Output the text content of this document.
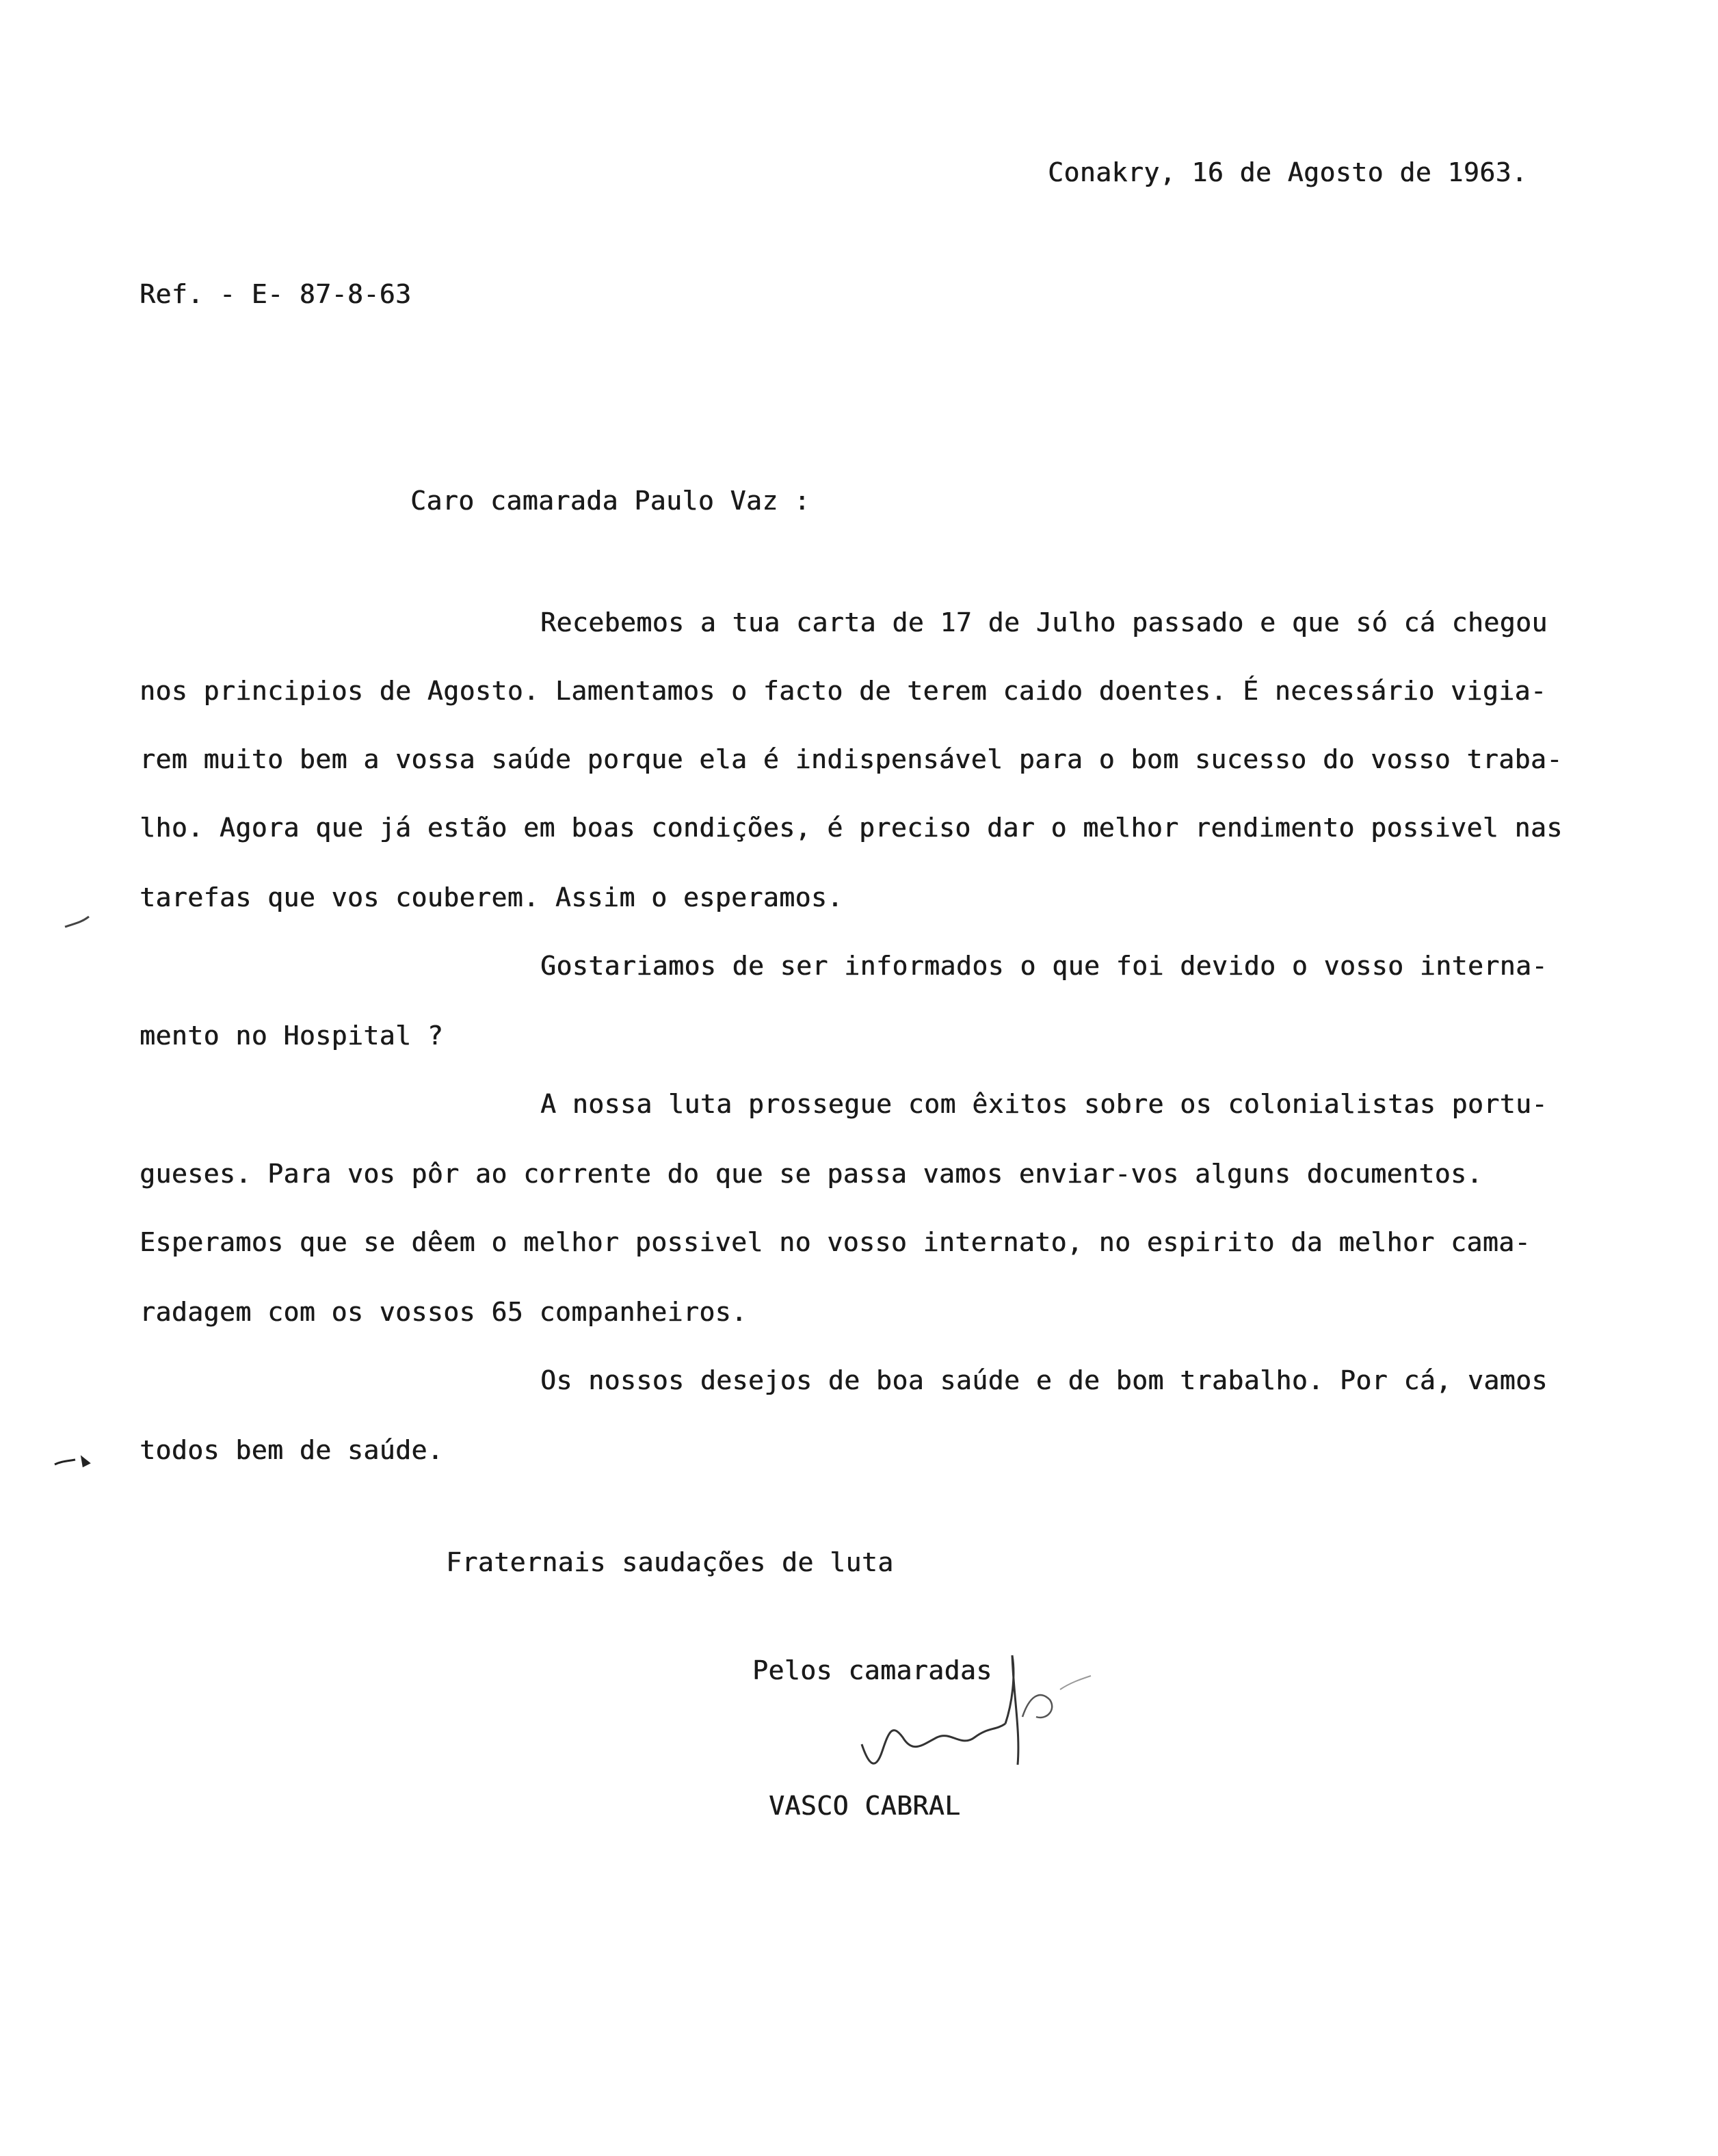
Conakry, 16 de Agosto de 1963.
Ref. - E- 87-8-63
Caro camarada Paulo Vaz :
Recebemos a tua carta de 17 de Julho passado e que só cá chegou
nos principios de Agosto. Lamentamos o facto de terem caido doentes. É necessário vigia-
rem muito bem a vossa saúde porque ela é indispensável para o bom sucesso do vosso traba-
lho. Agora que já estão em boas condições, é preciso dar o melhor rendimento possivel nas
tarefas que vos couberem. Assim o esperamos.
Gostariamos de ser informados o que foi devido o vosso interna-
mento no Hospital ?
A nossa luta prossegue com êxitos sobre os colonialistas portu-
gueses. Para vos pôr ao corrente do que se passa vamos enviar-vos alguns documentos.
Esperamos que se dêem o melhor possivel no vosso internato, no espirito da melhor cama-
radagem com os vossos 65 companheiros.
Os nossos desejos de boa saúde e de bom trabalho. Por cá, vamos
todos bem de saúde.
Fraternais saudações de luta
Pelos camaradas
VASCO CABRAL
